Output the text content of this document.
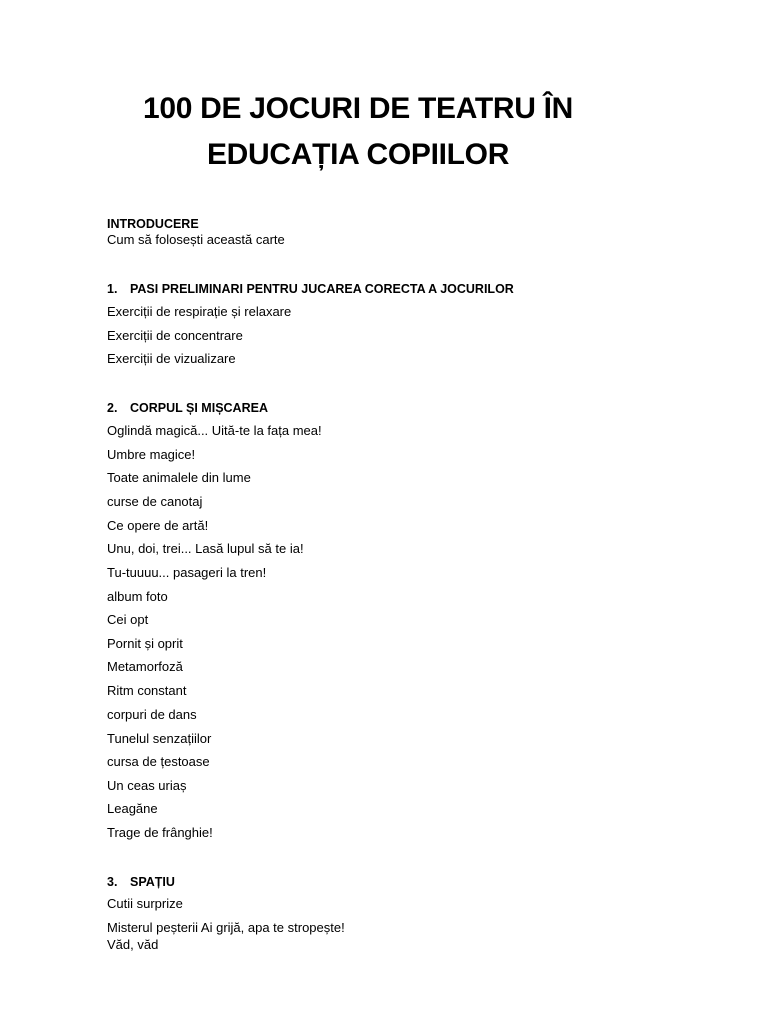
100 DE JOCURI DE TEATRU ÎN
EDUCAȚIA COPIILOR
INTRODUCERE
Cum să folosești această carte
1. PASI PRELIMINARI PENTRU JUCAREA CORECTA A JOCURILOR
Exerciții de respirație și relaxare
Exerciții de concentrare
Exerciții de vizualizare
2. CORPUL ȘI MIȘCAREA
Oglindă magică... Uită-te la fața mea!
Umbre magice!
Toate animalele din lume
curse de canotaj
Ce opere de artă!
Unu, doi, trei... Lasă lupul să te ia!
Tu-tuuuu... pasageri la tren!
album foto
Cei opt
Pornit și oprit
Metamorfoză
Ritm constant
corpuri de dans
Tunelul senzațiilor
cursa de țestoase
Un ceas uriaș
Leagăne
Trage de frânghie!
3. SPAȚIU
Cutii surprize
Misterul peșterii Ai grijă, apa te stropește!
Văd, văd
